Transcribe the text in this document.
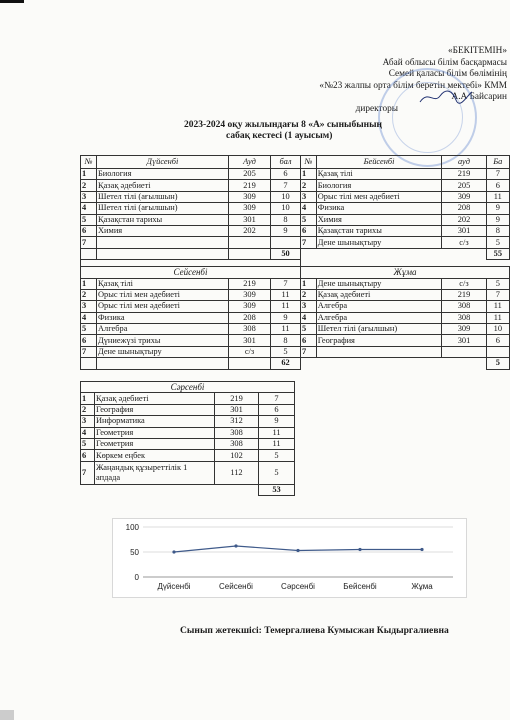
«БЕКІТЕМІН»
Абай облысы білім басқармасы
Семей қаласы білім бөлімінің
«№23 жалпы орта білім беретін мектебі» КММ
А.А Байсарин
директоры
2023-2024 оқу жылындағы 8 «А» сыныбының
сабақ кестесі (1 ауысым)
№	Дүйсенбі	Ауд	бал
1	Биология	205	6
2	Қазақ әдебиеті	219	7
3	Шетел тілі (ағылшын)	309	10
4	Шетел тілі (ағылшын)	309	10
5	Қазақстан тарихы	301	8
6	Химия	202	9
7			
			50

Сейсенбі			
1	Қазақ тілі	219	7
2	Орыс тілі мен әдебиеті	309	11
3	Орыс тілі мен әдебиеті	309	11
4	Физика	208	9
5	Алгебра	308	11
6	Дүниежүзі трихы	301	8
7	Дене шынықтыру	с/з	5
			62
№	Бейсенбі	ауд	Ба
1	Қазақ тілі	219	7
2	Биология	205	6
3	Орыс тілі мен әдебиеті	309	11
4	Физика	208	9
5	Химия	202	9
6	Қазақстан тарихы	301	8
7	Дене шынықтыру	с/з	5
			55

Жұма			
1	Дене шынықтыру	с/з	5
2	Қазақ әдебиеті	219	7
3	Алгебра	308	11
4	Алгебра	308	11
5	Шетел тілі (ағылшын)	309	10
6	География	301	6
7			
			5
Сәрсенбі			
1	Қазақ әдебиеті	219	7
2	География	301	6
3	Информатика	312	9
4	Геометрия	308	11
5	Геометрия	308	11
6	Көркем еңбек	102	5
7	Жаңандық құзыреттілік 1 апдада	112	5
			53
0
50
100
Дүйсенбі	Сейсенбі	Сәрсенбі	Бейсенбі	Жұма
Сынып жетекшісі: Темергалиева Кумысжан Кыдыргалиевна
